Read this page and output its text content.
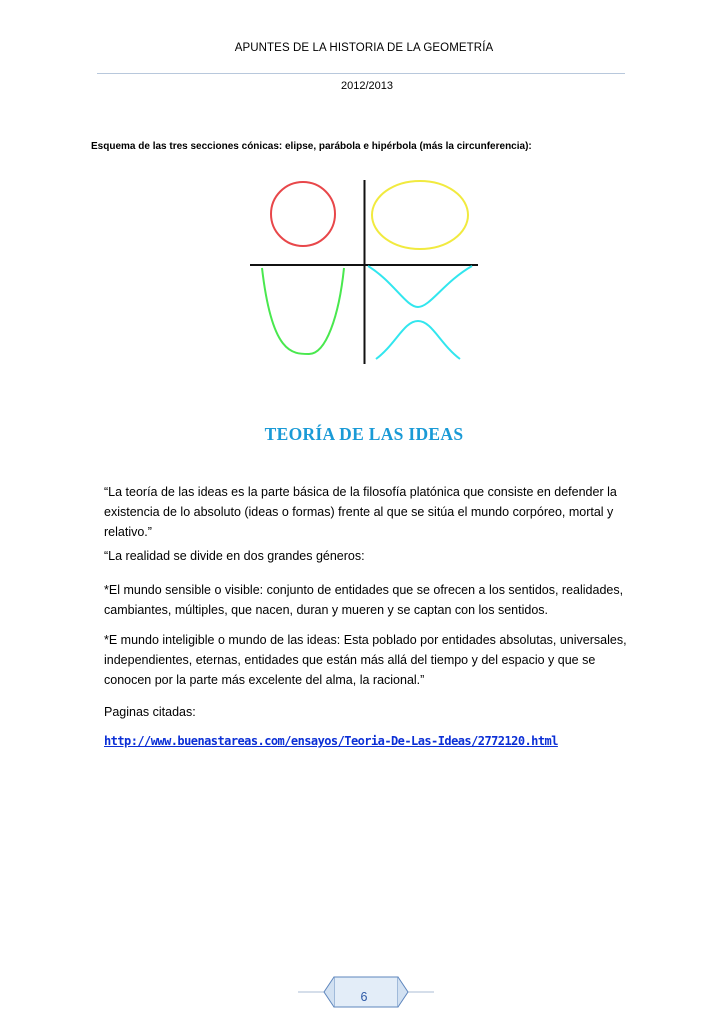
APUNTES DE LA HISTORIA DE LA GEOMETRÍA
2012/2013
Esquema de las tres secciones cónicas: elipse, parábola e hipérbola (más la circunferencia):
TEORÍA DE LAS IDEAS
“La teoría de las ideas es la parte básica de la filosofía platónica que consiste en defender la existencia de lo absoluto (ideas o formas) frente al que se sitúa el mundo corpóreo, mortal y relativo.”
“La realidad se divide en dos grandes géneros:
*El mundo sensible o visible: conjunto de entidades que se ofrecen a los sentidos, realidades, cambiantes, múltiples, que nacen, duran y mueren y se captan con los sentidos.
*E mundo inteligible o mundo de las ideas: Esta poblado por entidades absolutas, universales, independientes, eternas, entidades que están más allá del tiempo y del espacio y que se conocen por la parte más excelente del alma, la racional.”
Paginas citadas:
http://www.buenastareas.com/ensayos/Teoria-De-Las-Ideas/2772120.html
6
